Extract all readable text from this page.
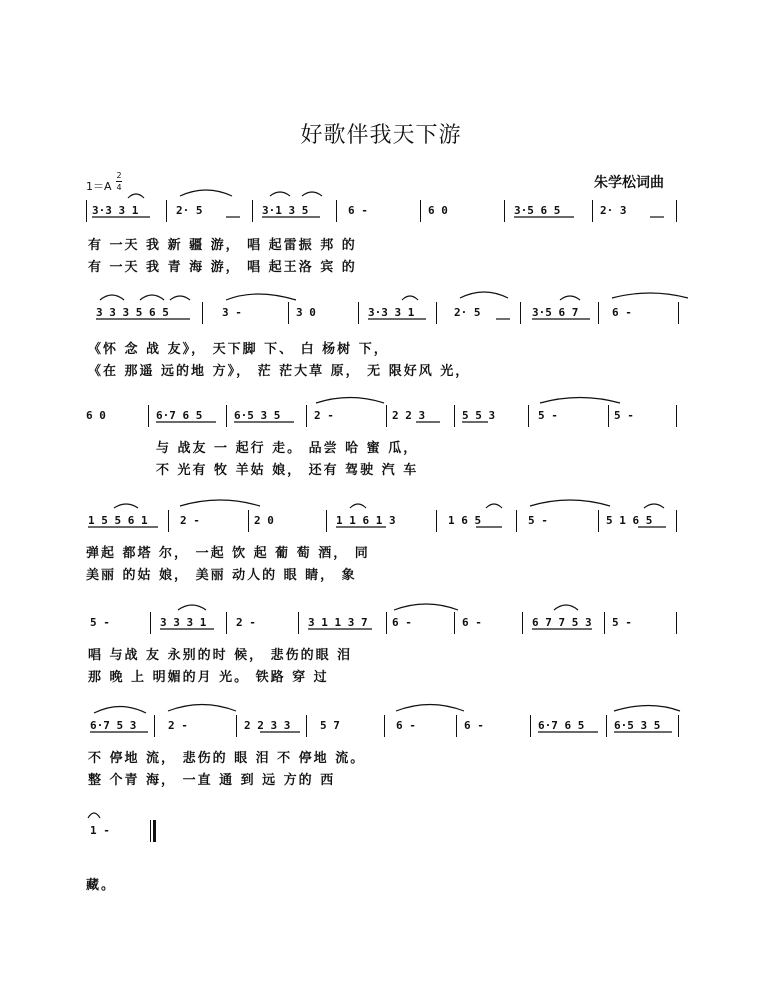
好歌伴我天下游
朱学松词曲
1＝A
2
4
3·3 3 1	2· 5	3·1 3 5	6 -	6 0	3·5 6 5	2· 3
有 一天 我 新 疆 游， 唱 起雷振 邦 的
有 一天 我 青 海 游， 唱 起王洛 宾 的
3 3 3 5 6 5	3 -	3 0	3·3 3 1	2· 5	3·5 6 7	6 -
《怀 念 战 友》， 天下脚 下、 白 杨树 下，
《在 那遥 远的地 方》， 茫 茫大草 原， 无 限好风 光，
6 0	6·7 6 5	6·5 3 5	2 -	2 2 3	5 5 3	5 -	5 -
与 战友 一 起行 走。 品尝 哈 蜜 瓜，
不 光有 牧 羊姑 娘， 还有 驾驶 汽 车
1 5 5 6 1	2 -	2 0	1 1 6 1 3	1 6 5	5 -	5 1 6 5
弹起 都塔 尔， 一起 饮 起 葡 萄 酒， 同
美丽 的姑 娘， 美丽 动人的 眼 睛， 象
5 -	3 3 3 1	2 -	3 1 1 3 7 6 -	6 -	6 7 7 5 3 5 -
唱 与战 友 永别的时 候， 悲伤的眼 泪
那 晚 上 明媚的月 光。 铁路 穿 过
6·7 5 3	2 -	2 2 3 3	5 7	6 -	6 -	6·7 6 5	6·5 3 5
不 停地 流， 悲伤的 眼 泪 不 停地 流。
整 个青 海， 一直 通 到 远 方的 西
1 -
藏。
